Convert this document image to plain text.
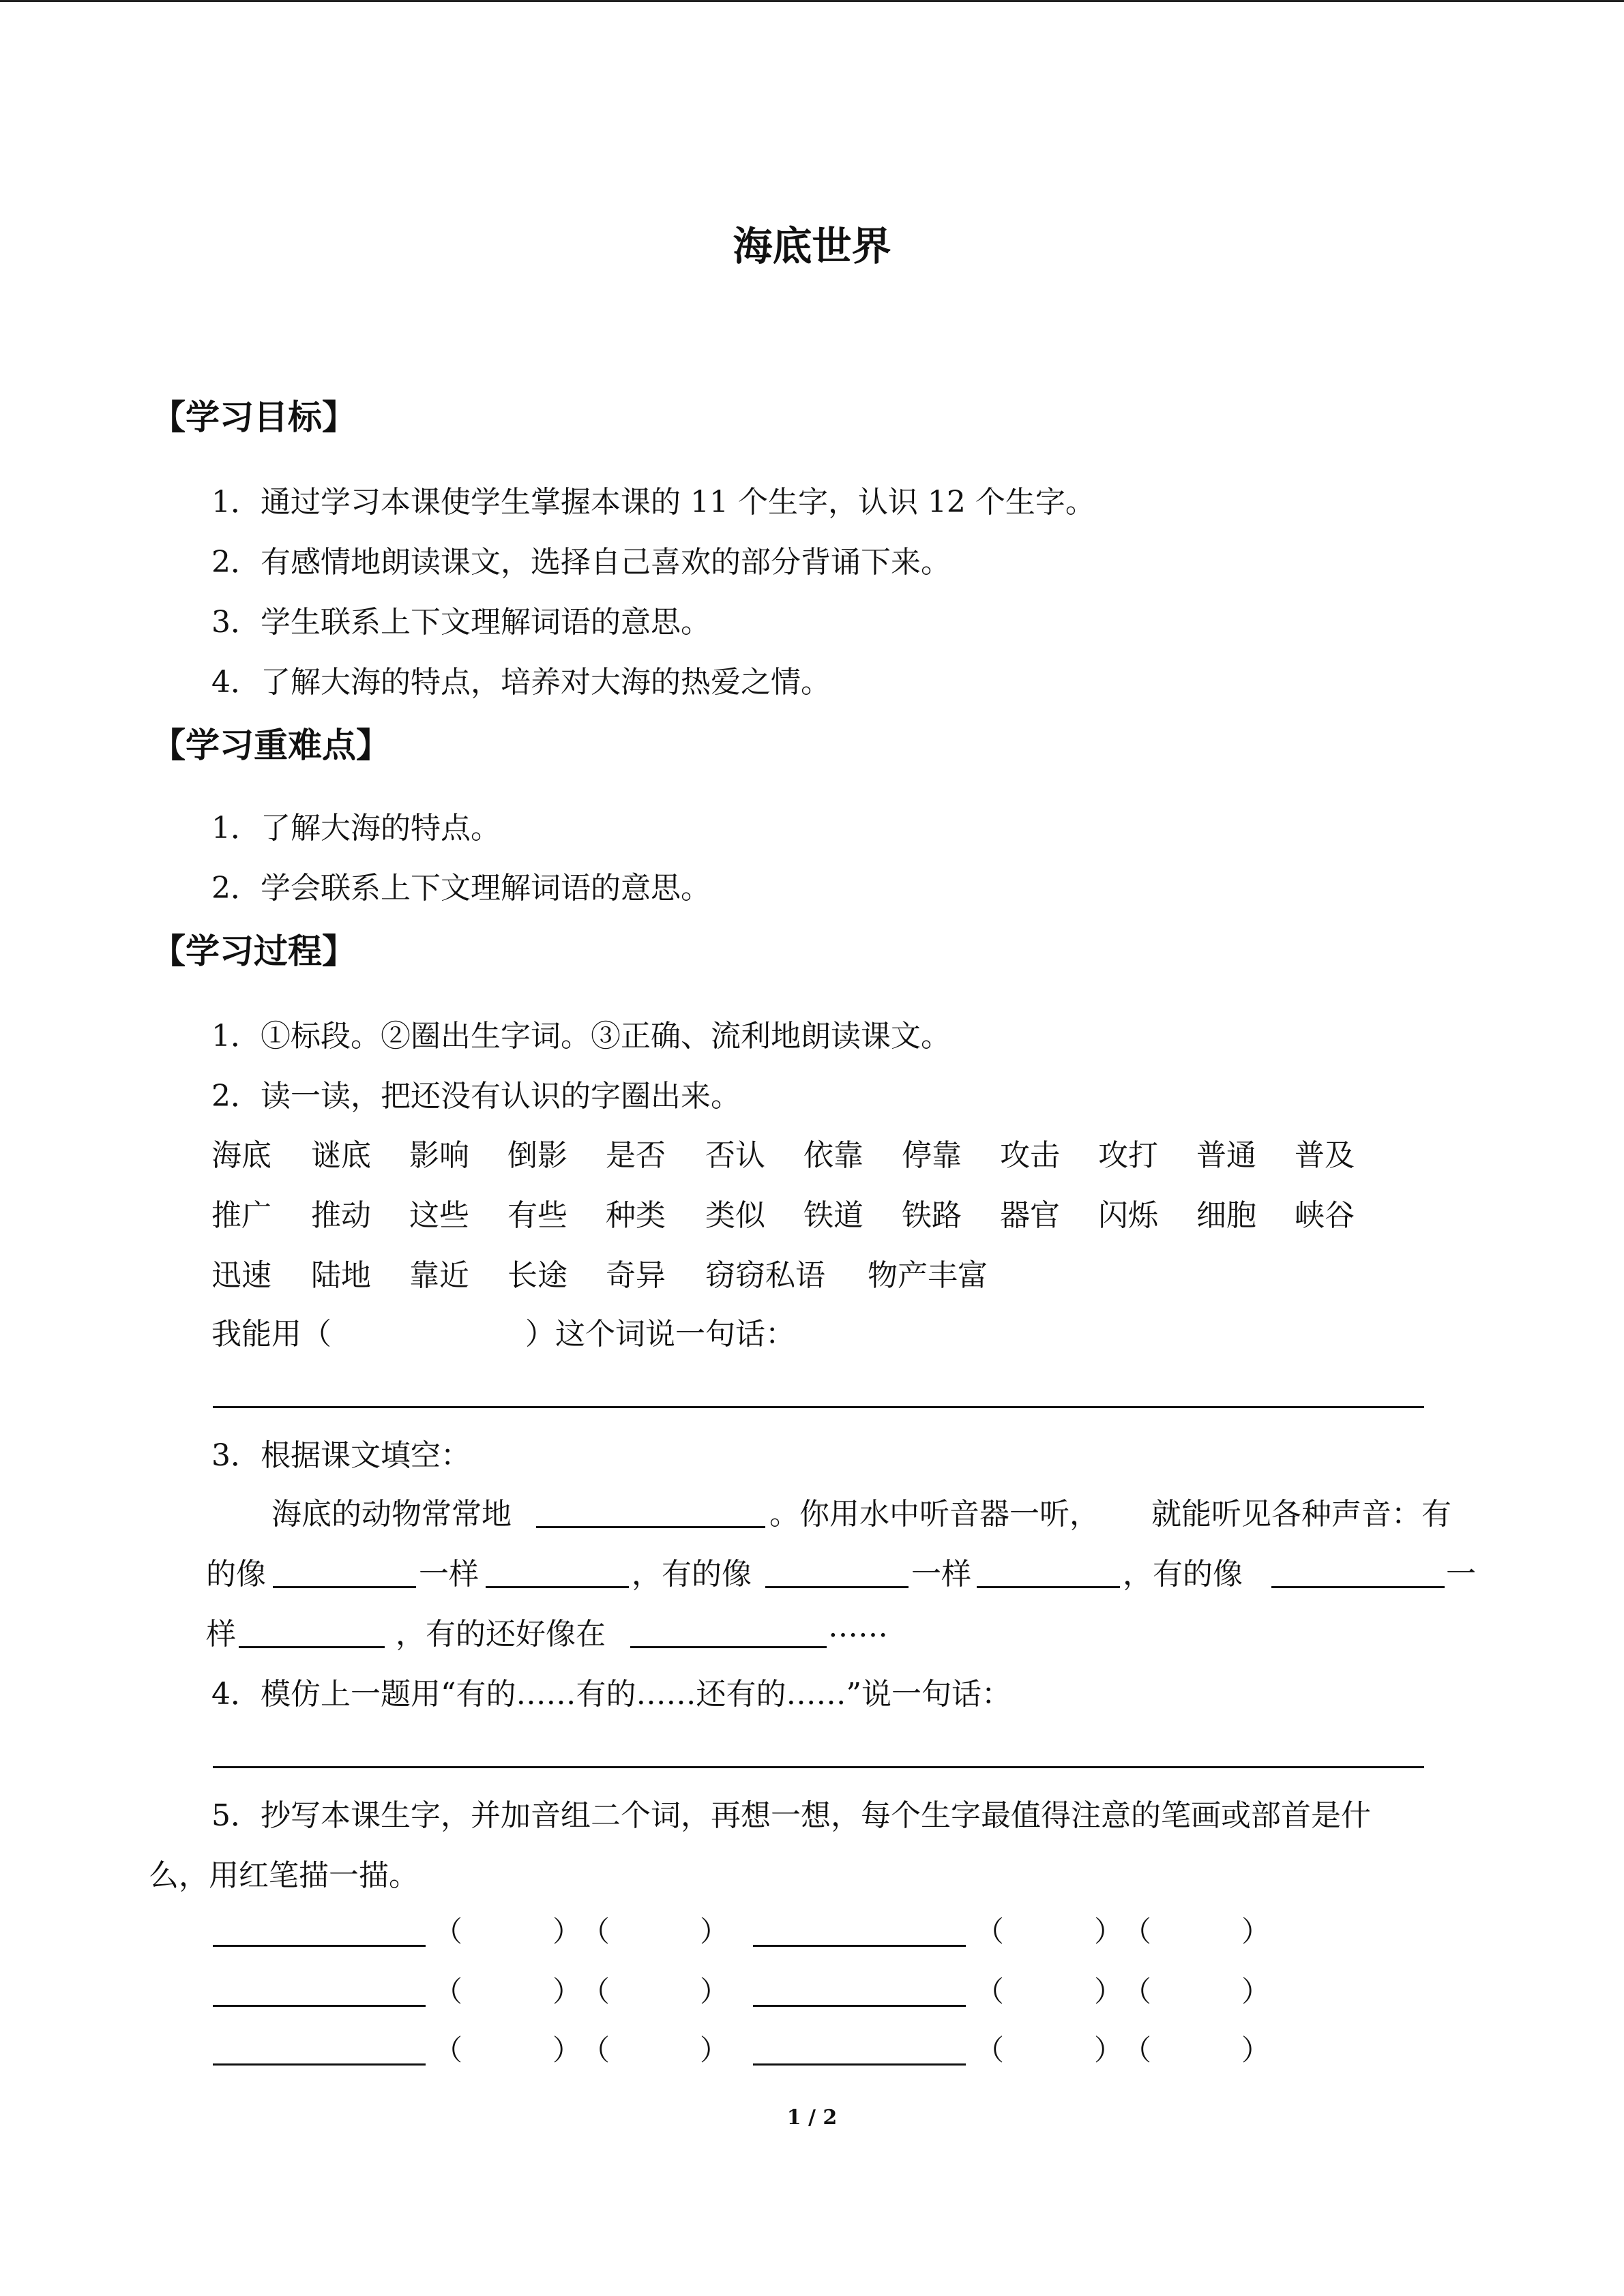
海底世界
【学习目标】
1．通过学习本课使学生掌握本课的 11 个生字，认识 12 个生字。
2．有感情地朗读课文，选择自己喜欢的部分背诵下来。
3．学生联系上下文理解词语的意思。
4．了解大海的特点，培养对大海的热爱之情。
【学习重难点】
1．了解大海的特点。
2．学会联系上下文理解词语的意思。
【学习过程】
1．①标段。②圈出生字词。③正确、流利地朗读课文。
2．读一读，把还没有认识的字圈出来。
海底 谜底 影响 倒影 是否 否认 依靠 停靠 攻击 攻打 普通 普及
推广 推动 这些 有些 种类 类似 铁道 铁路 器官 闪烁 细胞 峡谷
迅速 陆地 靠近 长途 奇异 窃窃私语 物产丰富
我能用（	）这个词说一句话：
3．根据课文填空：
海底的动物常常地	。你用水中听音器一听， 就能听见各种声音：有
的像	一样	，有的像	一样	，有的像	一
样	，有的还好像在	……
4．模仿上一题用“有的……有的……还有的……”说一句话：
5．抄写本课生字，并加音组二个词，再想一想，每个生字最值得注意的笔画或部首是什
么，用红笔描一描。
（	） （	）	（	） （	）
（	） （	）	（	） （	）
（	） （	）	（	） （	）
1 / 2
